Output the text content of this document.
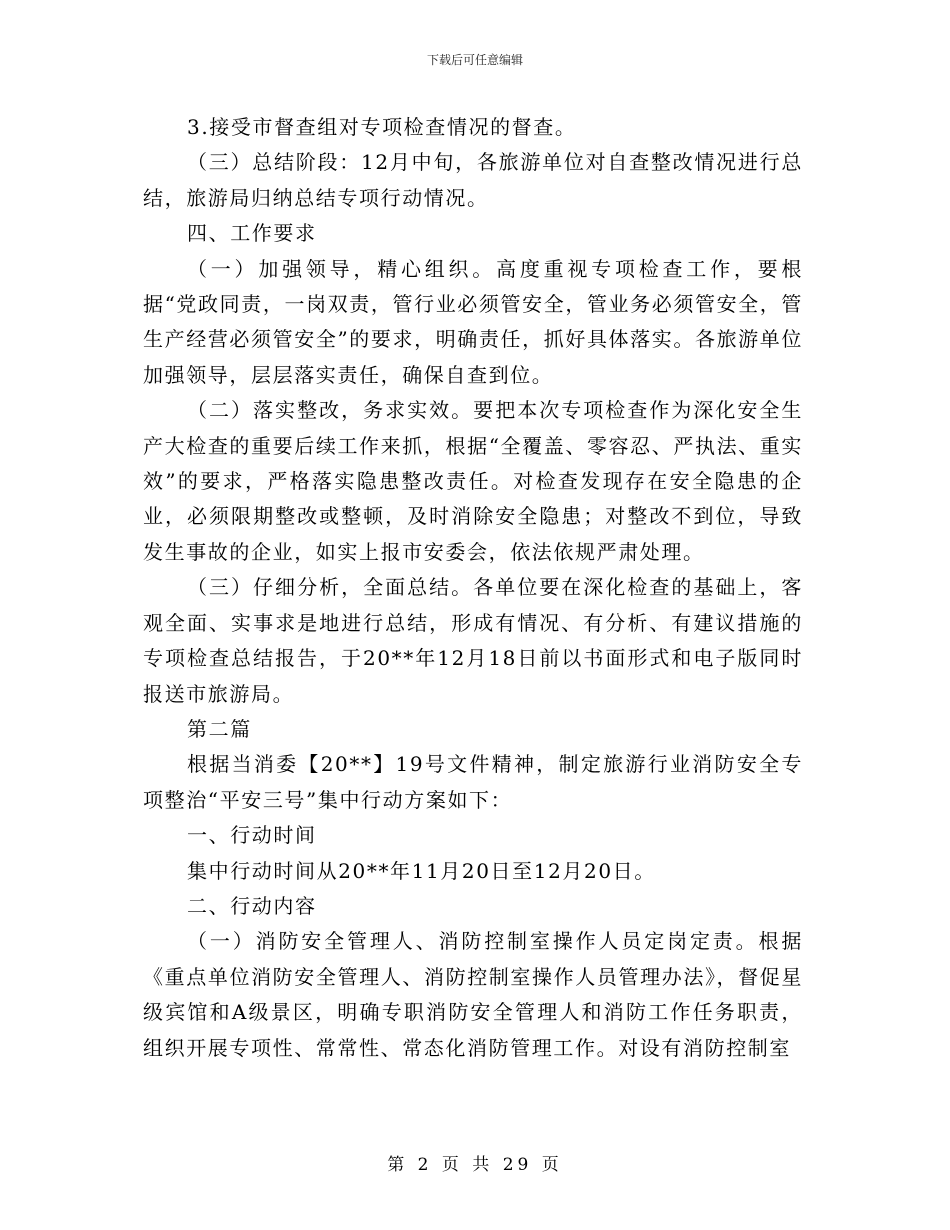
下载后可任意编辑

3.接受市督查组对专项检查情况的督查。

（三）总结阶段：12月中旬，各旅游单位对自查整改情况进行总结，旅游局归纳总结专项行动情况。

四、工作要求

（一）加强领导，精心组织。高度重视专项检查工作，要根据“党政同责，一岗双责，管行业必须管安全，管业务必须管安全，管生产经营必须管安全”的要求，明确责任，抓好具体落实。各旅游单位加强领导，层层落实责任，确保自查到位。

（二）落实整改，务求实效。要把本次专项检查作为深化安全生产大检查的重要后续工作来抓，根据“全覆盖、零容忍、严执法、重实效”的要求，严格落实隐患整改责任。对检查发现存在安全隐患的企业，必须限期整改或整顿，及时消除安全隐患；对整改不到位，导致发生事故的企业，如实上报市安委会，依法依规严肃处理。

（三）仔细分析，全面总结。各单位要在深化检查的基础上，客观全面、实事求是地进行总结，形成有情况、有分析、有建议措施的专项检查总结报告，于20**年12月18日前以书面形式和电子版同时报送市旅游局。

第二篇

根据当消委【20**】19号文件精神，制定旅游行业消防安全专项整治“平安三号”集中行动方案如下：

一、行动时间

集中行动时间从20**年11月20日至12月20日。

二、行动内容

（一）消防安全管理人、消防控制室操作人员定岗定责。根据《重点单位消防安全管理人、消防控制室操作人员管理办法》，督促星级宾馆和A级景区，明确专职消防安全管理人和消防工作任务职责，组织开展专项性、常常性、常态化消防管理工作。对设有消防控制室

第 2 页 共 29 页
